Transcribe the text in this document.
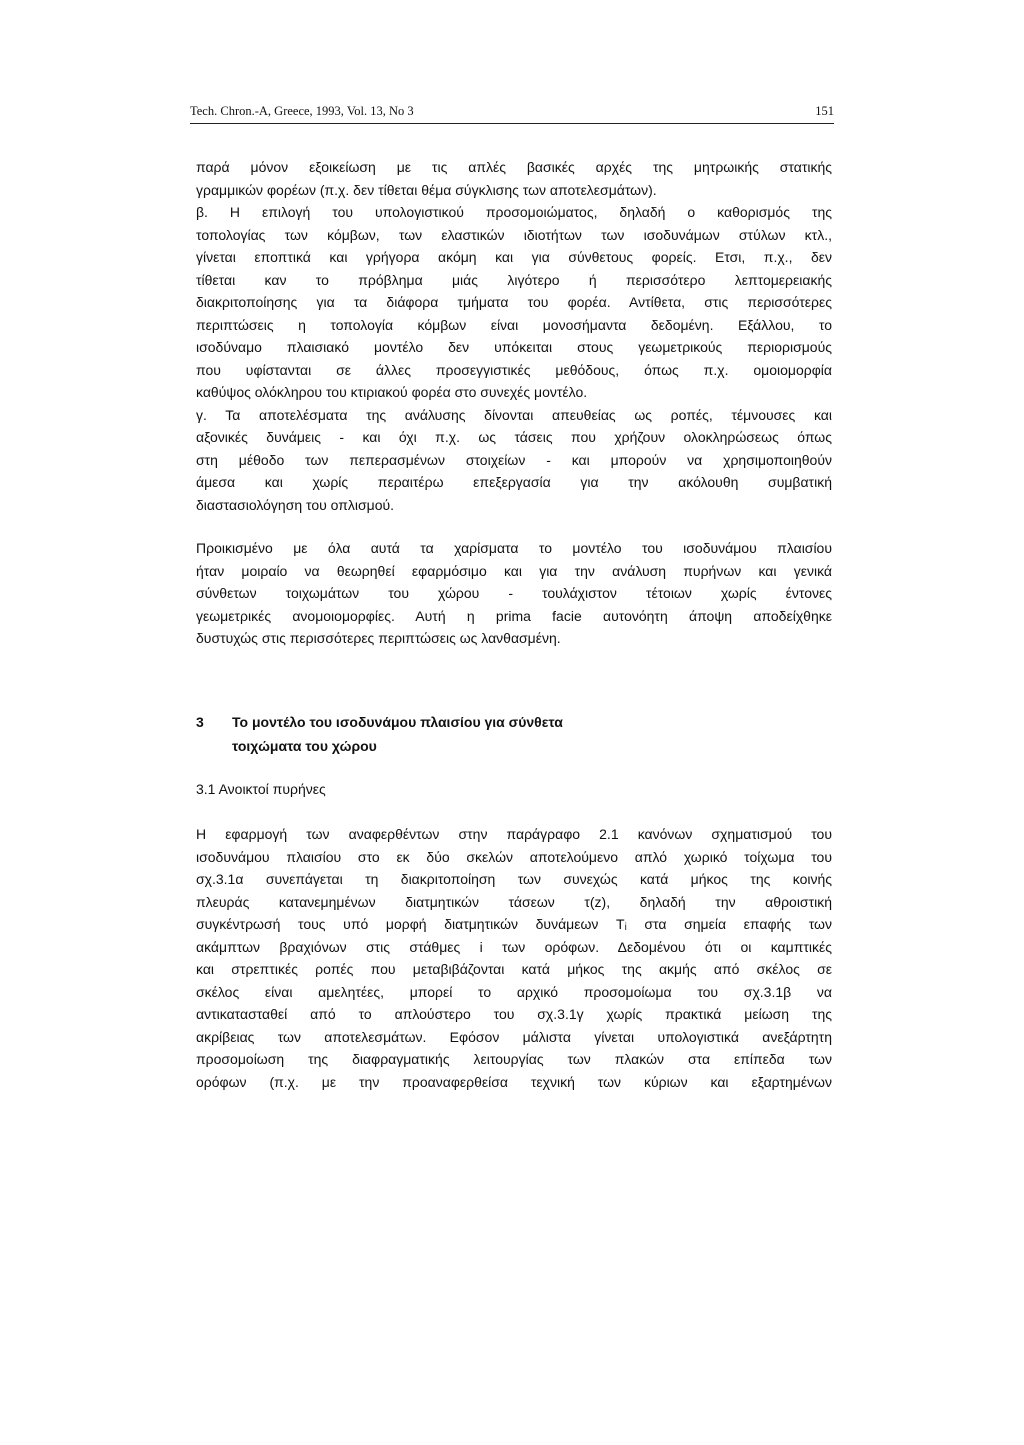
Tech. Chron.-A, Greece, 1993, Vol. 13, No 3	151
παρά μόνον εξοικείωση με τις απλές βασικές αρχές της μητρωικής στατικής
γραμμικών φορέων (π.χ. δεν τίθεται θέμα σύγκλισης των αποτελεσμάτων).
β. Η επιλογή του υπολογιστικού προσομοιώματος, δηλαδή ο καθορισμός της
τοπολογίας των κόμβων, των ελαστικών ιδιοτήτων των ισοδυνάμων στύλων κτλ.,
γίνεται εποπτικά και γρήγορα ακόμη και για σύνθετους φορείς. Ετσι, π.χ., δεν
τίθεται καν το πρόβλημα μιάς λιγότερο ή περισσότερο λεπτομερειακής
διακριτοποίησης για τα διάφορα τμήματα του φορέα. Αντίθετα, στις περισσότερες
περιπτώσεις η τοπολογία κόμβων είναι μονοσήμαντα δεδομένη. Εξάλλου, το
ισοδύναμο πλαισιακό μοντέλο δεν υπόκειται στους γεωμετρικούς περιορισμούς
που υφίστανται σε άλλες προσεγγιστικές μεθόδους, όπως π.χ. ομοιομορφία
καθύψος ολόκληρου του κτιριακού φορέα στο συνεχές μοντέλο.
γ. Τα αποτελέσματα της ανάλυσης δίνονται απευθείας ως ροπές, τέμνουσες και
αξονικές δυνάμεις - και όχι π.χ. ως τάσεις που χρήζουν ολοκληρώσεως όπως
στη μέθοδο των πεπερασμένων στοιχείων - και μπορούν να χρησιμοποιηθούν
άμεσα και χωρίς περαιτέρω επεξεργασία για την ακόλουθη συμβατική
διαστασιολόγηση του οπλισμού.
Προικισμένο με όλα αυτά τα χαρίσματα το μοντέλο του ισοδυνάμου πλαισίου
ήταν μοιραίο να θεωρηθεί εφαρμόσιμο και για την ανάλυση πυρήνων και γενικά
σύνθετων τοιχωμάτων του χώρου - τουλάχιστον τέτοιων χωρίς έντονες
γεωμετρικές ανομοιομορφίες. Αυτή η prima facie αυτονόητη άποψη αποδείχθηκε
δυστυχώς στις περισσότερες περιπτώσεις ως λανθασμένη.
3 Το μοντέλο του ισοδυνάμου πλαισίου για σύνθετα
τοιχώματα του χώρου
3.1 Ανοικτοί πυρήνες
Η εφαρμογή των αναφερθέντων στην παράγραφο 2.1 κανόνων σχηματισμού του
ισοδυνάμου πλαισίου στο εκ δύο σκελών αποτελούμενο απλό χωρικό τοίχωμα του
σχ.3.1α συνεπάγεται τη διακριτοποίηση των συνεχώς κατά μήκος της κοινής
πλευράς κατανεμημένων διατμητικών τάσεων τ(z), δηλαδή την αθροιστική
συγκέντρωσή τους υπό μορφή διατμητικών δυνάμεων Tᵢ στα σημεία επαφής των
ακάμπτων βραχιόνων στις στάθμες i των ορόφων. Δεδομένου ότι οι καμπτικές
και στρεπτικές ροπές που μεταβιβάζονται κατά μήκος της ακμής από σκέλος σε
σκέλος είναι αμελητέες, μπορεί το αρχικό προσομοίωμα του σχ.3.1β να
αντικατασταθεί από το απλούστερο του σχ.3.1γ χωρίς πρακτικά μείωση της
ακρίβειας των αποτελεσμάτων. Εφόσον μάλιστα γίνεται υπολογιστικά ανεξάρτητη
προσομοίωση της διαφραγματικής λειτουργίας των πλακών στα επίπεδα των
ορόφων (π.χ. με την προαναφερθείσα τεχνική των κύριων και εξαρτημένων
